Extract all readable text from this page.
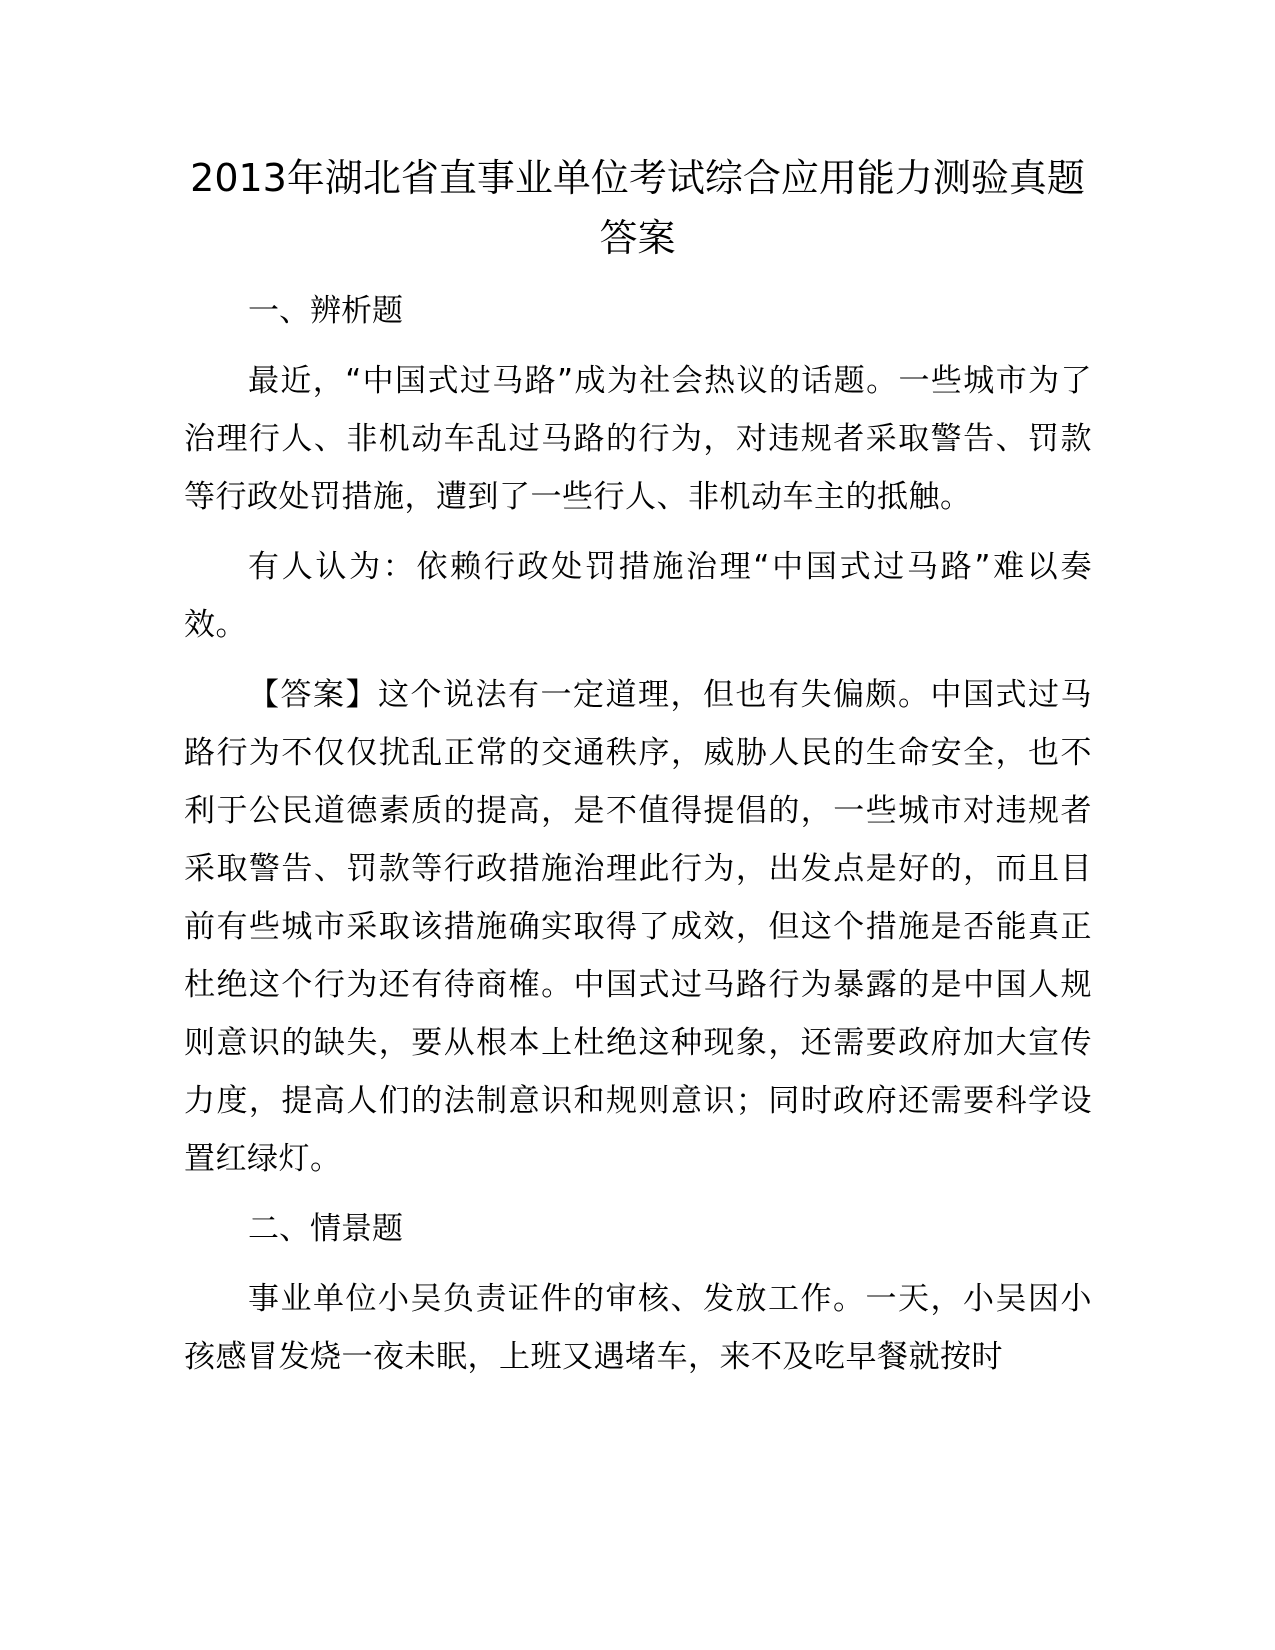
2013年湖北省直事业单位考试综合应用能力测验真题答案

一、辨析题

最近，“中国式过马路”成为社会热议的话题。一些城市为了治理行人、非机动车乱过马路的行为，对违规者采取警告、罚款等行政处罚措施，遭到了一些行人、非机动车主的抵触。

有人认为：依赖行政处罚措施治理“中国式过马路”难以奏效。

【答案】这个说法有一定道理，但也有失偏颇。中国式过马路行为不仅仅扰乱正常的交通秩序，威胁人民的生命安全，也不利于公民道德素质的提高，是不值得提倡的，一些城市对违规者采取警告、罚款等行政措施治理此行为，出发点是好的，而且目前有些城市采取该措施确实取得了成效，但这个措施是否能真正杜绝这个行为还有待商榷。中国式过马路行为暴露的是中国人规则意识的缺失，要从根本上杜绝这种现象，还需要政府加大宣传力度，提高人们的法制意识和规则意识；同时政府还需要科学设置红绿灯。

二、情景题

事业单位小吴负责证件的审核、发放工作。一天，小吴因小孩感冒发烧一夜未眠，上班又遇堵车，来不及吃早餐就按时
